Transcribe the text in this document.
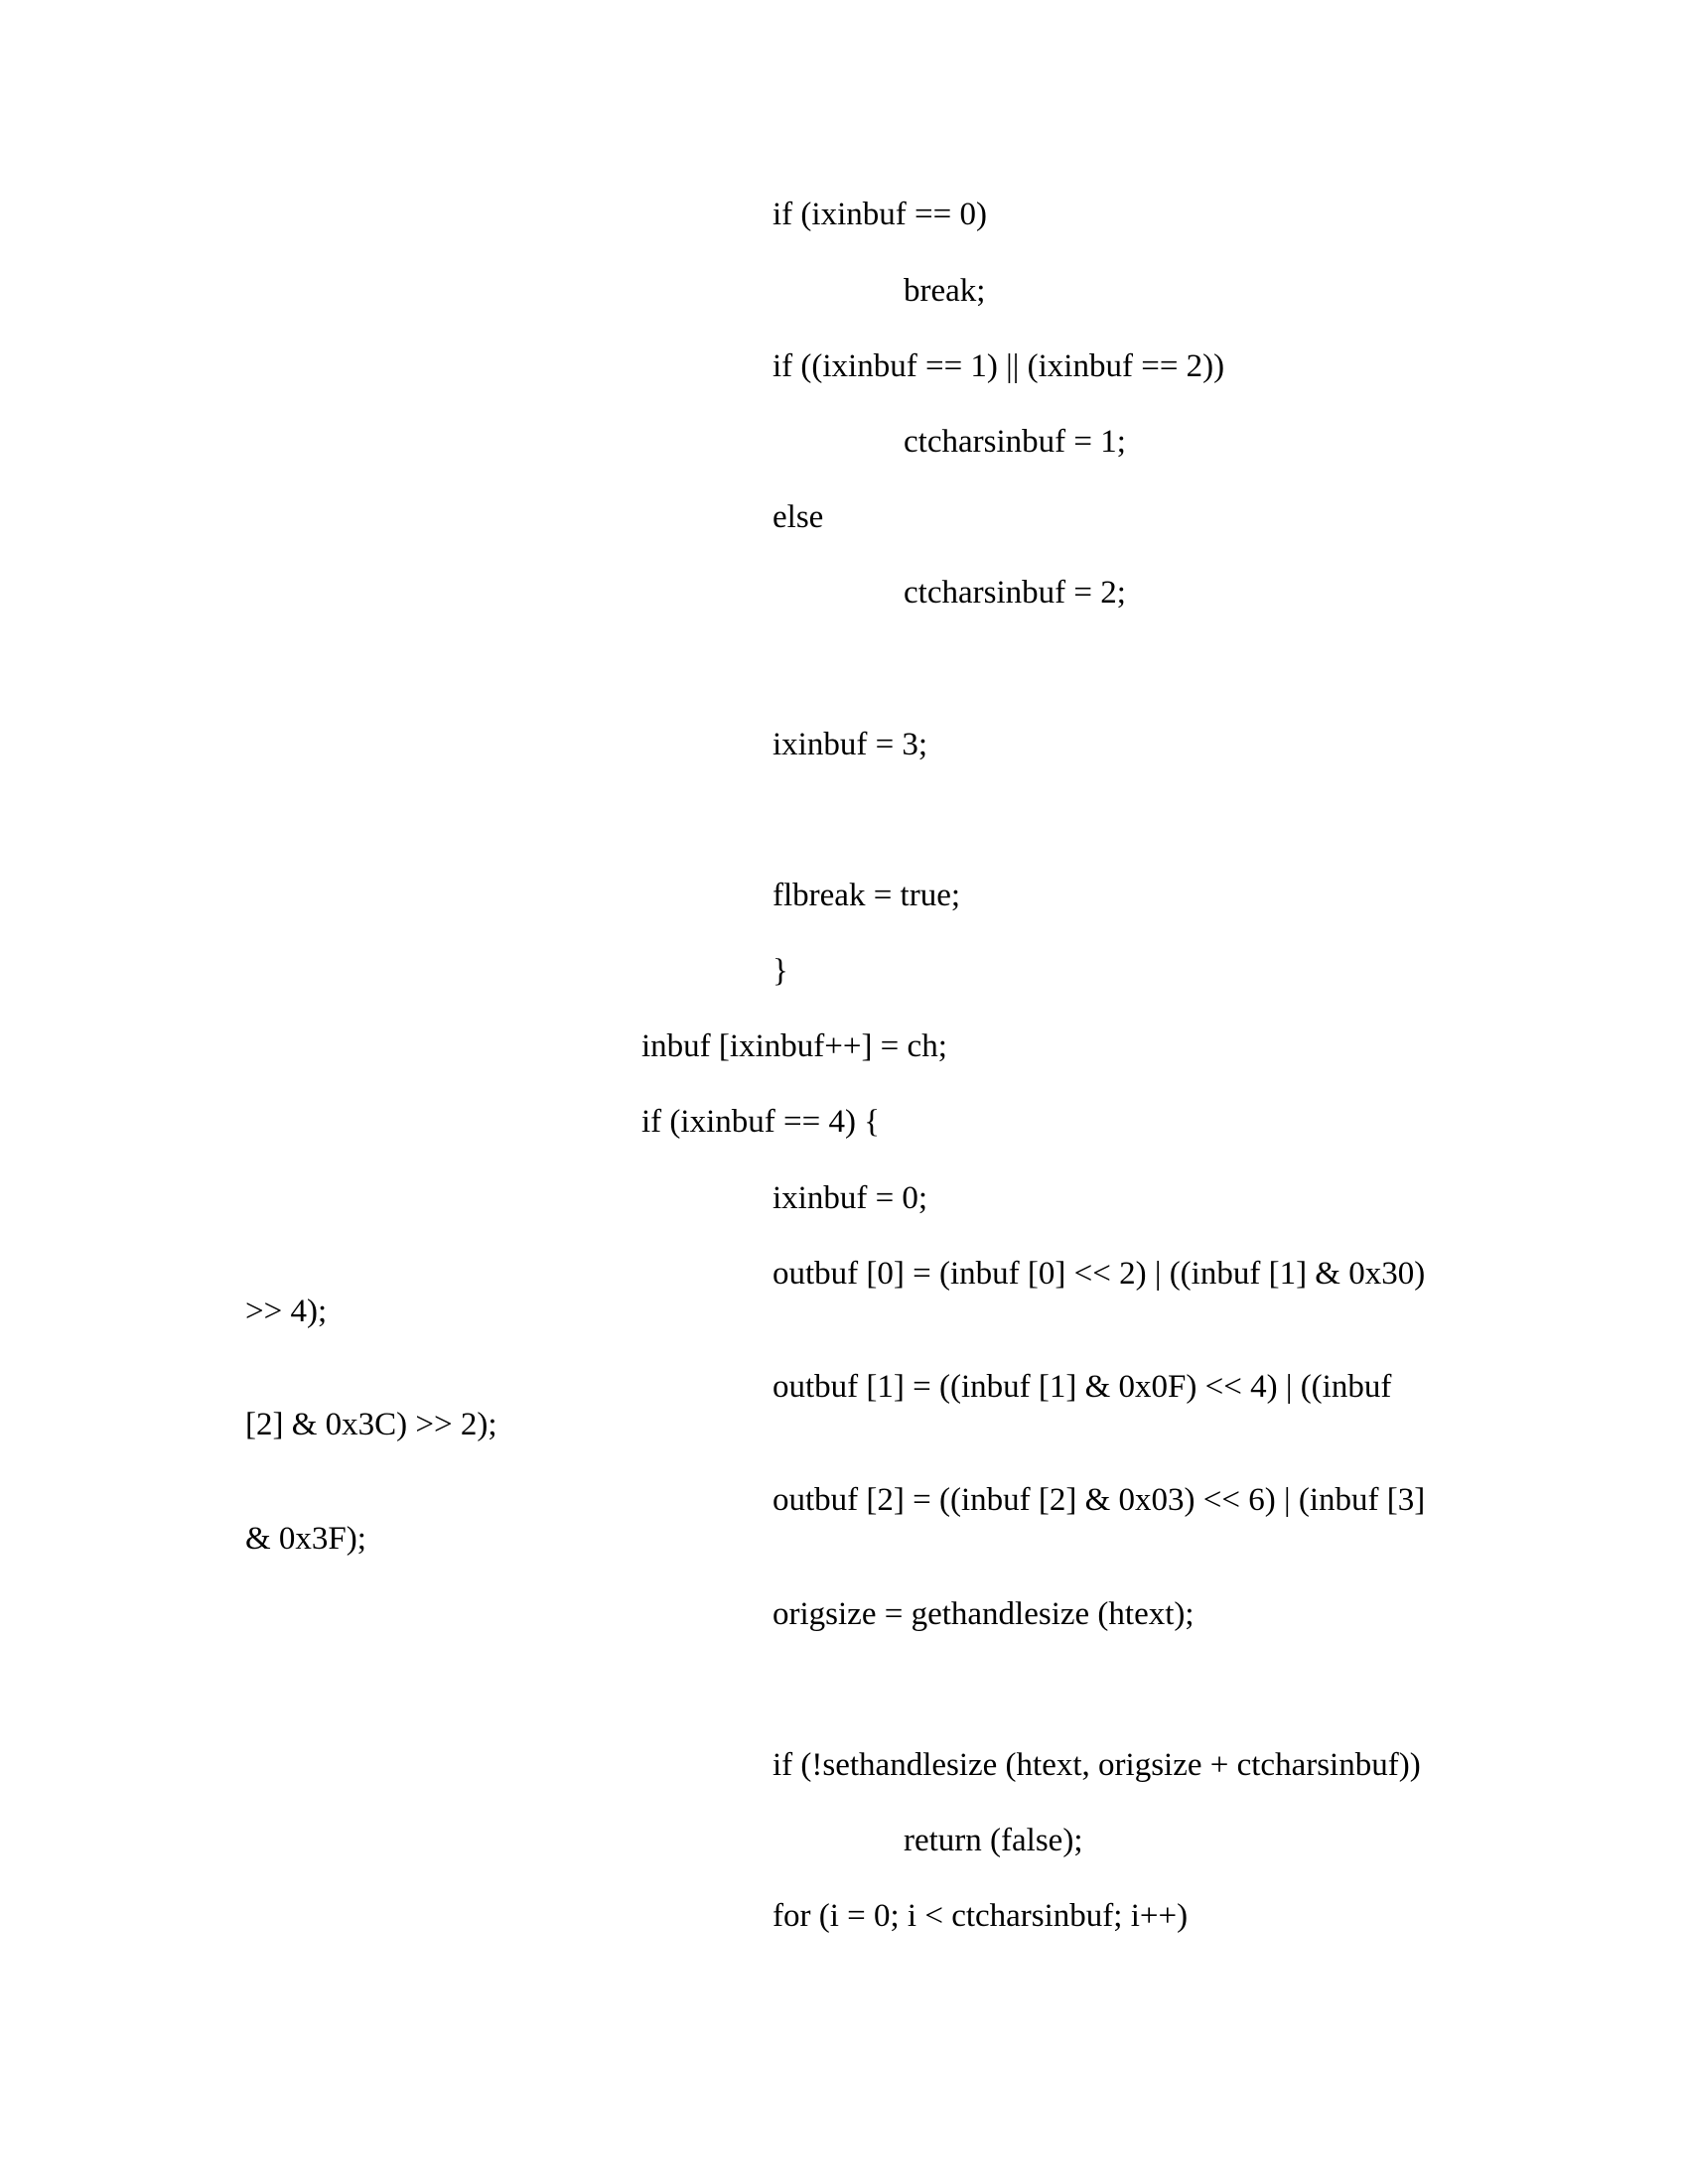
if (ixinbuf == 0)

break;

if ((ixinbuf == 1) || (ixinbuf == 2))

ctcharsinbuf = 1;

else

ctcharsinbuf = 2;

ixinbuf = 3;

flbreak = true;

}

inbuf [ixinbuf++] = ch;

if (ixinbuf == 4) {

ixinbuf = 0;

outbuf [0] = (inbuf [0] << 2) | ((inbuf [1] & 0x30)

>> 4);

outbuf [1] = ((inbuf [1] & 0x0F) << 4) | ((inbuf

[2] & 0x3C) >> 2);

outbuf [2] = ((inbuf [2] & 0x03) << 6) | (inbuf [3]

& 0x3F);

origsize = gethandlesize (htext);

if (!sethandlesize (htext, origsize + ctcharsinbuf))

return (false);

for (i = 0; i < ctcharsinbuf; i++)
